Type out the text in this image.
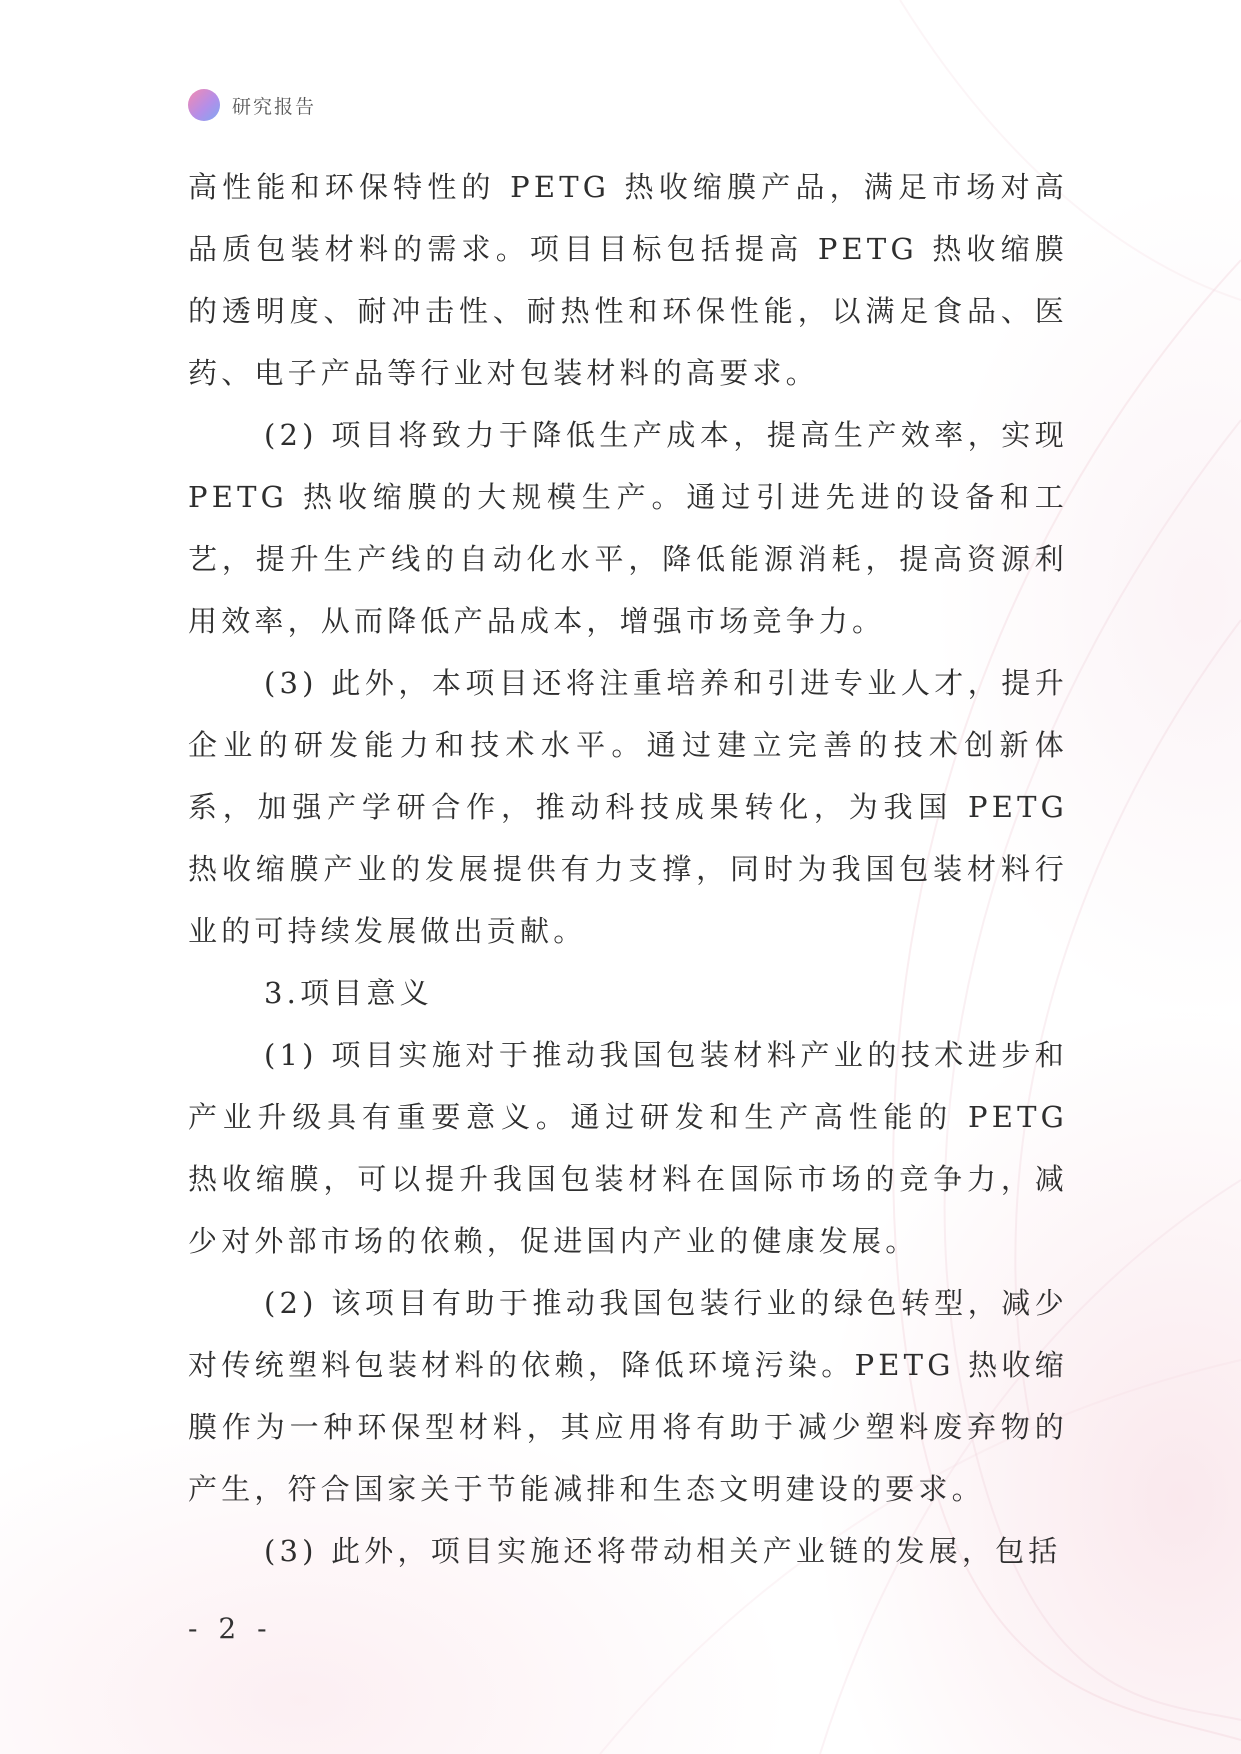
研究报告

高性能和环保特性的 PETG 热收缩膜产品，满足市场对高品质包装材料的需求。项目目标包括提高 PETG 热收缩膜的透明度、耐冲击性、耐热性和环保性能，以满足食品、医药、电子产品等行业对包装材料的高要求。

(2) 项目将致力于降低生产成本，提高生产效率，实现 PETG 热收缩膜的大规模生产。通过引进先进的设备和工艺，提升生产线的自动化水平，降低能源消耗，提高资源利用效率，从而降低产品成本，增强市场竞争力。

(3) 此外，本项目还将注重培养和引进专业人才，提升企业的研发能力和技术水平。通过建立完善的技术创新体系，加强产学研合作，推动科技成果转化，为我国 PETG 热收缩膜产业的发展提供有力支撑，同时为我国包装材料行业的可持续发展做出贡献。

3.项目意义

(1) 项目实施对于推动我国包装材料产业的技术进步和产业升级具有重要意义。通过研发和生产高性能的 PETG 热收缩膜，可以提升我国包装材料在国际市场的竞争力，减少对外部市场的依赖，促进国内产业的健康发展。

(2) 该项目有助于推动我国包装行业的绿色转型，减少对传统塑料包装材料的依赖，降低环境污染。PETG 热收缩膜作为一种环保型材料，其应用将有助于减少塑料废弃物的产生，符合国家关于节能减排和生态文明建设的要求。

(3) 此外，项目实施还将带动相关产业链的发展，包括

- 2 -
